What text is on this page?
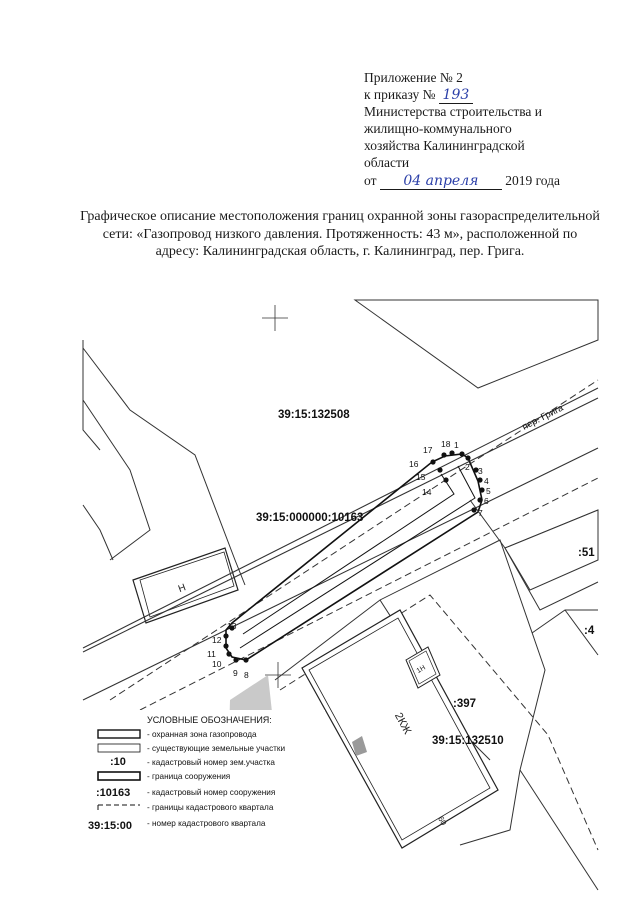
Приложение № 2
к приказу № 193
Министерства строительства и
жилищно-коммунального
хозяйства Калининградской
области
от 04 апреля 2019 года
Графическое описание местоположения границ охранной зоны газораспределительной сети: «Газопровод низкого давления. Протяженность: 43 м», расположенной по адресу: Калининградская область, г. Калининград, пер. Грига.
Н
2КЖ
60
1Н
39:15:132508
39:15:000000:10163
39:15:132510
:397
:51
:4
пер. Грига
1
2 3
4
5
6
7
8
9
10
11
12
13
14
15
16
17
18
УСЛОВНЫЕ ОБОЗНАЧЕНИЯ:
- охранная зона газопровода
- существующие земельные участки
:10	- кадастровый номер зем.участка
- граница сооружения
:10163 - кадастровый номер сооружения
- границы кадастрового квартала
39:15:00 - номер кадастрового квартала
